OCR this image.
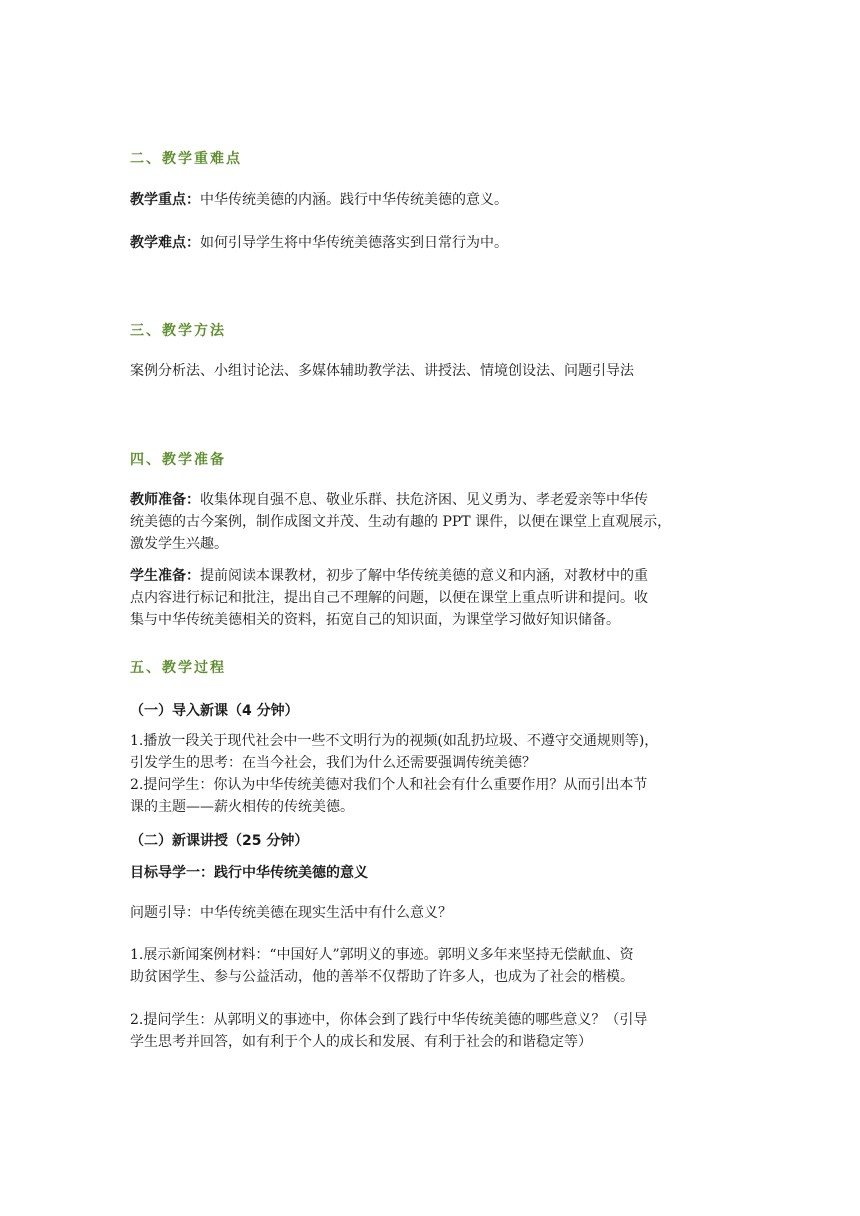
二、教学重难点
教学重点：中华传统美德的内涵。践行中华传统美德的意义。
教学难点：如何引导学生将中华传统美德落实到日常行为中。
三、教学方法
案例分析法、小组讨论法、多媒体辅助教学法、讲授法、情境创设法、问题引导法
四、教学准备
教师准备：收集体现自强不息、敬业乐群、扶危济困、见义勇为、孝老爱亲等中华传
统美德的古今案例，制作成图文并茂、生动有趣的 PPT 课件，以便在课堂上直观展示，
激发学生兴趣。
学生准备：提前阅读本课教材，初步了解中华传统美德的意义和内涵，对教材中的重
点内容进行标记和批注，提出自己不理解的问题，以便在课堂上重点听讲和提问。收
集与中华传统美德相关的资料，拓宽自己的知识面，为课堂学习做好知识储备。
五、教学过程
（一）导入新课（4 分钟）
1.播放一段关于现代社会中一些不文明行为的视频(如乱扔垃圾、不遵守交通规则等)，
引发学生的思考：在当今社会，我们为什么还需要强调传统美德？
2.提问学生：你认为中华传统美德对我们个人和社会有什么重要作用？从而引出本节
课的主题——薪火相传的传统美德。
（二）新课讲授（25 分钟）
目标导学一：践行中华传统美德的意义
问题引导：中华传统美德在现实生活中有什么意义？
1.展示新闻案例材料：“中国好人”郭明义的事迹。郭明义多年来坚持无偿献血、资
助贫困学生、参与公益活动，他的善举不仅帮助了许多人，也成为了社会的楷模。
2.提问学生：从郭明义的事迹中，你体会到了践行中华传统美德的哪些意义？（引导
学生思考并回答，如有利于个人的成长和发展、有利于社会的和谐稳定等）
